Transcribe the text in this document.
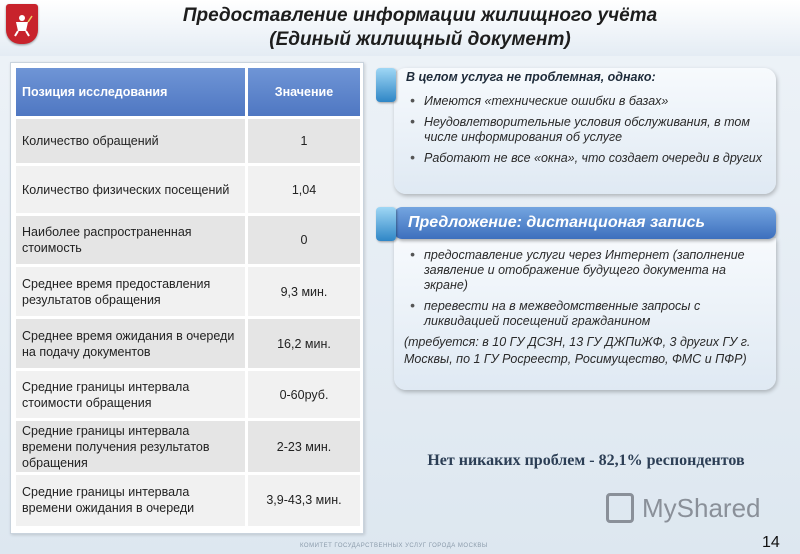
Предоставление информации жилищного учёта
(Единый жилищный документ)
Позиция исследования	Значение
Количество обращений	1
Количество физических посещений	1,04
Наиболее распространенная стоимость	0
Среднее время предоставления результатов обращения	9,3 мин.
Среднее время ожидания в очереди на подачу документов	16,2 мин.
Средние границы интервала стоимости обращения	0-60руб.
Средние границы интервала времени получения результатов обращения	2-23 мин.
Средние границы интервала времени ожидания в очереди	3,9-43,3 мин.
В целом услуга не проблемная, однако:
• Имеются «технические ошибки в базах»
• Неудовлетворительные условия обслуживания, в том числе информирования об услуге
• Работают не все «окна», что создает очереди в других
Предложение: дистанционая запись
• предоставление услуги через Интернет (заполнение заявление и отображение будущего документа на экране)
• перевести на в межведомственные запросы с ликвидацией посещений гражданином
(требуется: в 10 ГУ ДСЗН, 13 ГУ ДЖПиЖФ, 3 других ГУ г. Москвы, по 1 ГУ Росреестр, Росимущество, ФМС и ПФР)
Нет никаких проблем - 82,1% респондентов
MyShared
КОМИТЕТ ГОСУДАРСТВЕННЫХ УСЛУГ ГОРОДА МОСКВЫ	14
